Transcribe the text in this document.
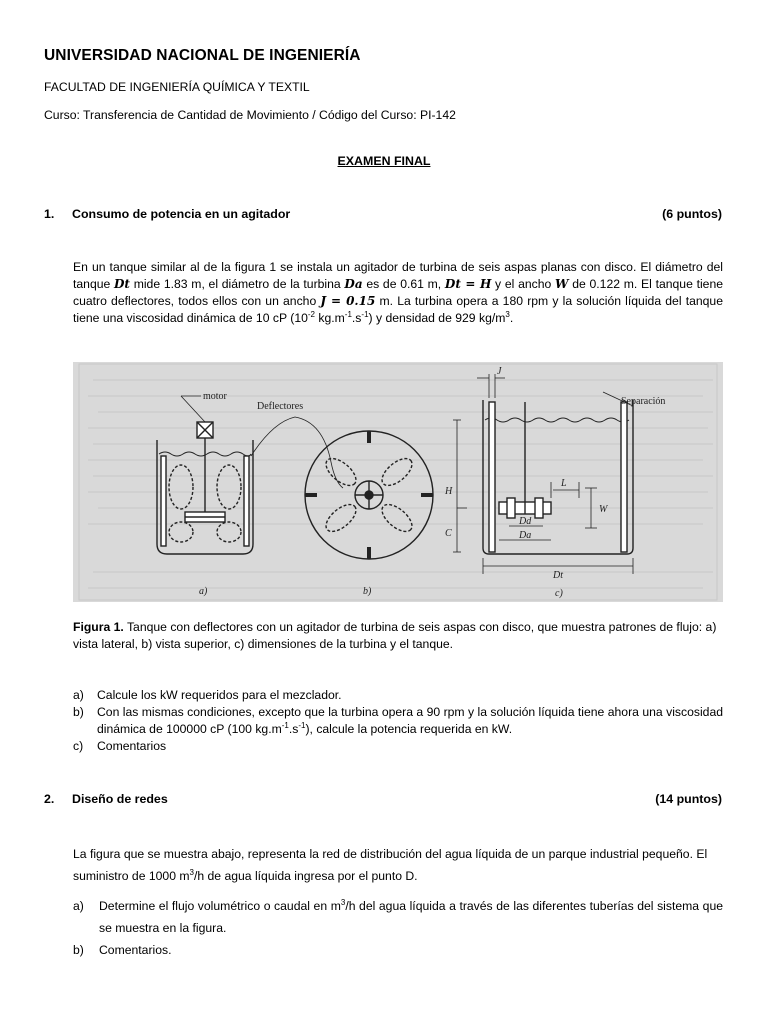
UNIVERSIDAD NACIONAL DE INGENIERÍA
FACULTAD DE INGENIERÍA QUÍMICA Y TEXTIL
Curso: Transferencia de Cantidad de Movimiento / Código del Curso: PI-142
EXAMEN FINAL
1. Consumo de potencia en un agitador	(6 puntos)

En un tanque similar al de la figura 1 se instala un agitador de turbina de seis aspas planas con disco. El diámetro del tanque Dt mide 1.83 m, el diámetro de la turbina Da es de 0.61 m, Dt = H y el ancho W de 0.122 m. El tanque tiene cuatro deflectores, todos ellos con un ancho J = 0.15 m. La turbina opera a 180 rpm y la solución líquida del tanque tiene una viscosidad dinámica de 10 cP ($10^{-2}$ $kg.m^{-1}.s^{-1}$) y densidad de 929 $kg/m^3$.

motor
Deflectores
a)	b)
J
Separación
H
C
L
W
Dd
Da
Dt
c)
Figura 1. Tanque con deflectores con un agitador de turbina de seis aspas con disco, que muestra patrones de flujo: a) vista lateral, b) vista superior, c) dimensiones de la turbina y el tanque.
a) Calcule los kW requeridos para el mezclador.
b) Con las mismas condiciones, excepto que la turbina opera a 90 rpm y la solución líquida tiene ahora una viscosidad dinámica de 100000 cP (100 $kg.m^{-1}.s^{-1}$), calcule la potencia requerida en kW.
c) Comentarios
2. Diseño de redes	(14 puntos)
La figura que se muestra abajo, representa la red de distribución del agua líquida de un parque industrial pequeño. El suministro de 1000 $m^3/h$ de agua líquida ingresa por el punto D.
a) Determine el flujo volumétrico o caudal en $m^3/h$ del agua líquida a través de las diferentes tuberías del sistema que se muestra en la figura.
b) Comentarios.
